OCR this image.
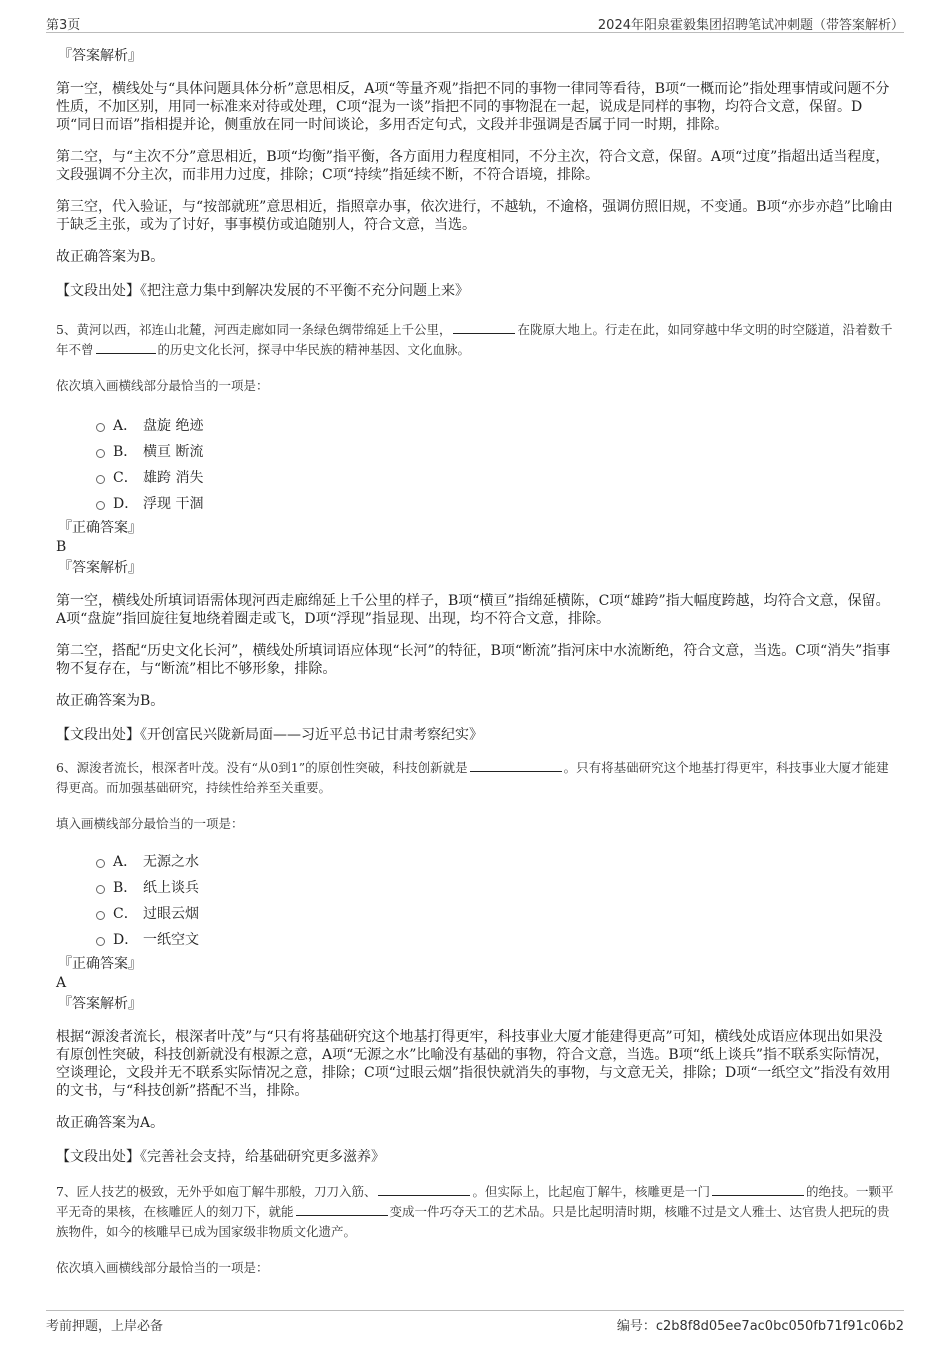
第3页	2024年阳泉霍毅集团招聘笔试冲刺题（带答案解析）

『答案解析』

第一空，横线处与“具体问题具体分析”意思相反，A项“等量齐观”指把不同的事物一律同等看待，B项“一概而论”指处理事情或问题不分性质，不加区别，用同一标准来对待或处理，C项“混为一谈”指把不同的事物混在一起，说成是同样的事物，均符合文意，保留。D项“同日而语”指相提并论，侧重放在同一时间谈论，多用否定句式，文段并非强调是否属于同一时期，排除。

第二空，与“主次不分”意思相近，B项“均衡”指平衡，各方面用力程度相同，不分主次，符合文意，保留。A项“过度”指超出适当程度，文段强调不分主次，而非用力过度，排除；C项“持续”指延续不断，不符合语境，排除。

第三空，代入验证，与“按部就班”意思相近，指照章办事，依次进行，不越轨，不逾格，强调仿照旧规，不变通。B项“亦步亦趋”比喻由于缺乏主张，或为了讨好，事事模仿或追随别人，符合文意，当选。

故正确答案为B。

【文段出处】《把注意力集中到解决发展的不平衡不充分问题上来》

5、黄河以西，祁连山北麓，河西走廊如同一条绿色绸带绵延上千公里，	在陇原大地上。行走在此，如同穿越中华文明的时空隧道，沿着数千年不曾	的历史文化长河，探寻中华民族的精神基因、文化血脉。

依次填入画横线部分最恰当的一项是：

A． 盘旋 绝迹
B． 横亘 断流
C． 雄跨 消失
D． 浮现 干涸

『正确答案』

B

『答案解析』

第一空，横线处所填词语需体现河西走廊绵延上千公里的样子，B项“横亘”指绵延横陈，C项“雄跨”指大幅度跨越，均符合文意，保留。A项“盘旋”指回旋往复地绕着圈走或飞，D项“浮现”指显现、出现，均不符合文意，排除。

第二空，搭配“历史文化长河”，横线处所填词语应体现“长河”的特征，B项“断流”指河床中水流断绝，符合文意，当选。C项“消失”指事物不复存在，与“断流”相比不够形象，排除。

故正确答案为B。

【文段出处】《开创富民兴陇新局面——习近平总书记甘肃考察纪实》

6、源浚者流长，根深者叶茂。没有“从0到1”的原创性突破，科技创新就是	。只有将基础研究这个地基打得更牢，科技事业大厦才能建得更高。而加强基础研究，持续性给养至关重要。

填入画横线部分最恰当的一项是：

A． 无源之水
B． 纸上谈兵
C． 过眼云烟
D． 一纸空文

『正确答案』

A

『答案解析』

根据“源浚者流长，根深者叶茂”与“只有将基础研究这个地基打得更牢，科技事业大厦才能建得更高”可知，横线处成语应体现出如果没有原创性突破，科技创新就没有根源之意，A项“无源之水”比喻没有基础的事物，符合文意，当选。B项“纸上谈兵”指不联系实际情况，空谈理论，文段并无不联系实际情况之意，排除；C项“过眼云烟”指很快就消失的事物，与文意无关，排除；D项“一纸空文”指没有效用的文书，与“科技创新”搭配不当，排除。

故正确答案为A。

【文段出处】《完善社会支持，给基础研究更多滋养》

7、匠人技艺的极致，无外乎如庖丁解牛那般，刀刀入筋、	。但实际上，比起庖丁解牛，核雕更是一门	的绝技。一颗平平无奇的果核，在核雕匠人的刻刀下，就能	变成一件巧夺天工的艺术品。只是比起明清时期，核雕不过是文人雅士、达官贵人把玩的贵族物件，如今的核雕早已成为国家级非物质文化遗产。

依次填入画横线部分最恰当的一项是：

考前押题，上岸必备	编号：c2b8f8d05ee7ac0bc050fb71f91c06b2
